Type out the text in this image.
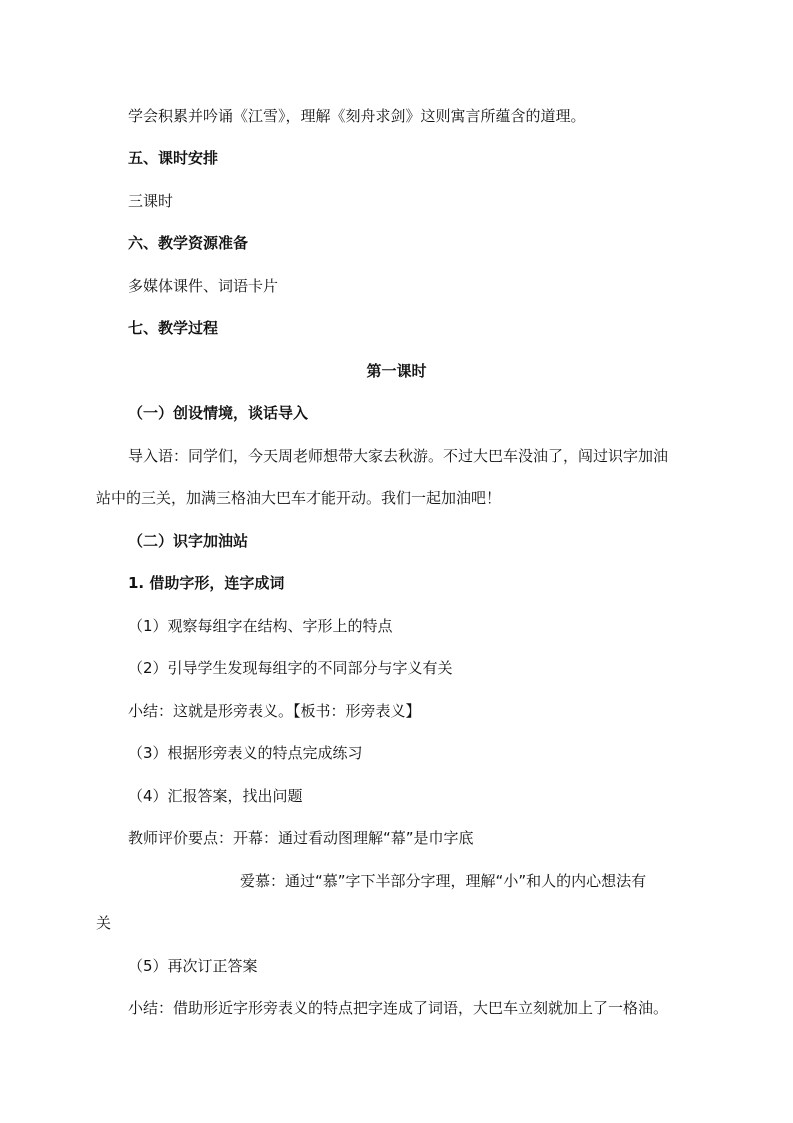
学会积累并吟诵《江雪》，理解《刻舟求剑》这则寓言所蕴含的道理。
五、课时安排
三课时
六、教学资源准备
多媒体课件、词语卡片
七、教学过程
第一课时
（一）创设情境，谈话导入
导入语：同学们，今天周老师想带大家去秋游。不过大巴车没油了，闯过识字加油
站中的三关，加满三格油大巴车才能开动。我们一起加油吧！
（二）识字加油站
1. 借助字形，连字成词
（1）观察每组字在结构、字形上的特点
（2）引导学生发现每组字的不同部分与字义有关
小结：这就是形旁表义。【板书：形旁表义】
（3）根据形旁表义的特点完成练习
（4）汇报答案，找出问题
教师评价要点：开幕：通过看动图理解“幕”是巾字底
爱慕：通过“慕”字下半部分字理，理解“小”和人的内心想法有
关
（5）再次订正答案
小结：借助形近字形旁表义的特点把字连成了词语，大巴车立刻就加上了一格油。
